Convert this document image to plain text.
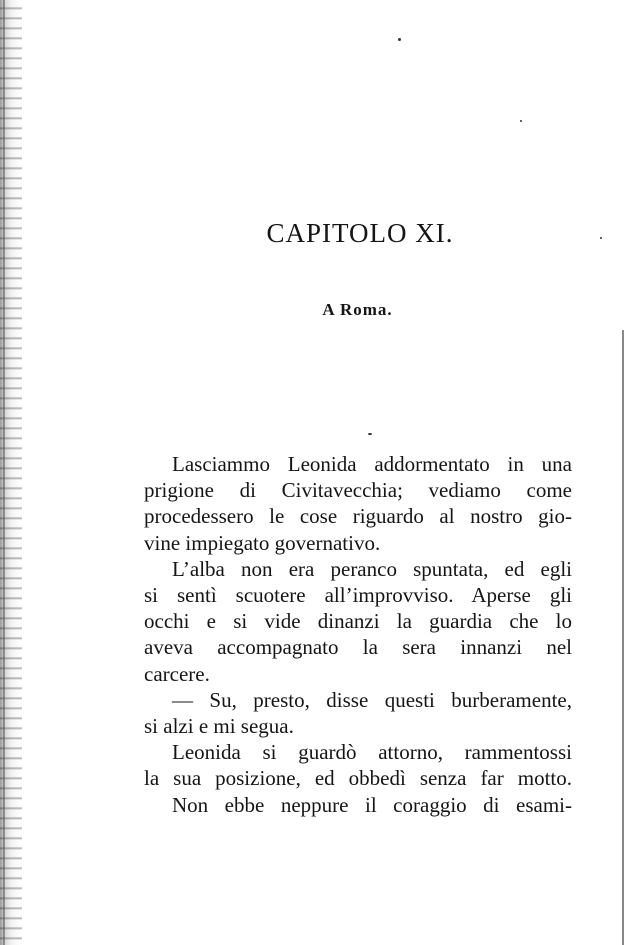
CAPITOLO XI.
A Roma.
Lasciammo Leonida addormentato in una
prigione di Civitavecchia; vediamo come
procedessero le cose riguardo al nostro gio-
vine impiegato governativo.
L’alba non era peranco spuntata, ed egli
si sentì scuotere all’improvviso. Aperse gli
occhi e si vide dinanzi la guardia che lo
aveva accompagnato la sera innanzi nel
carcere.
— Su, presto, disse questi burberamente,
si alzi e mi segua.
Leonida si guardò attorno, rammentossi
la sua posizione, ed obbedì senza far motto.
Non ebbe neppure il coraggio di esami-
